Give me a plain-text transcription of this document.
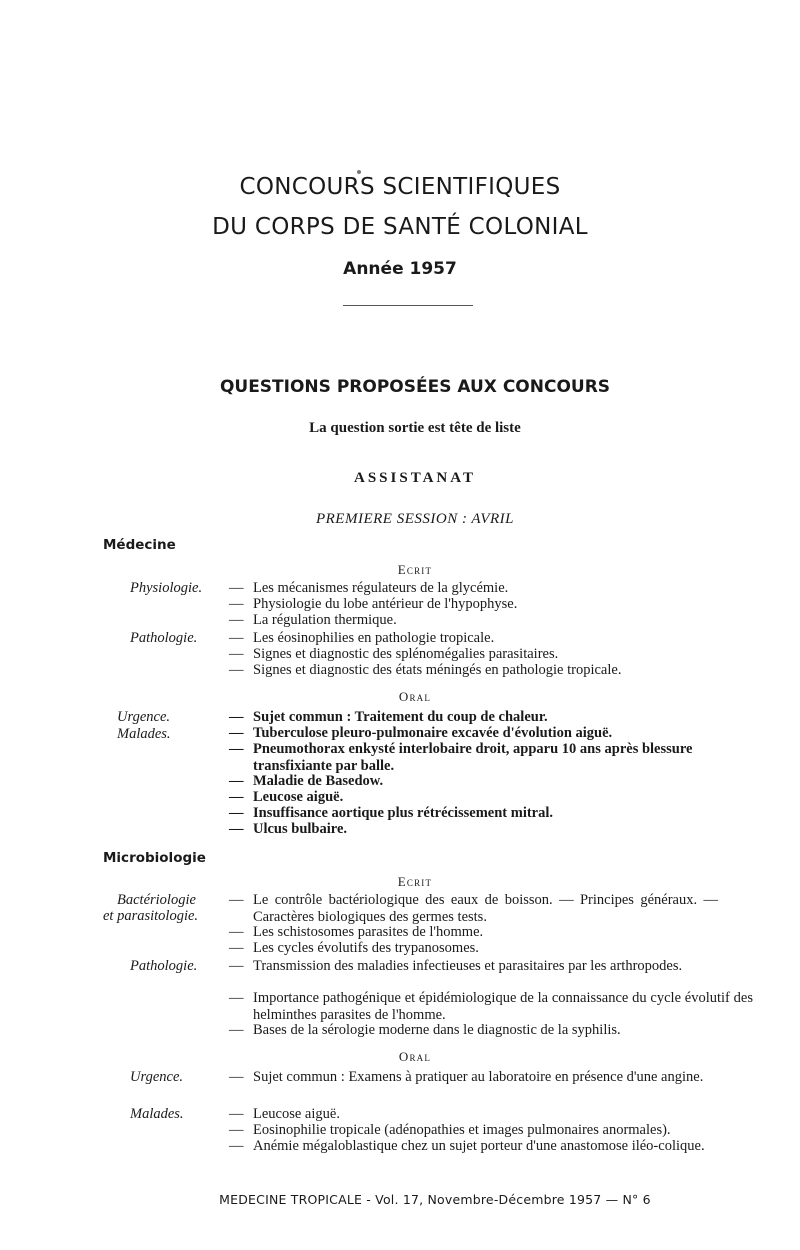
CONCOURS SCIENTIFIQUES
DU CORPS DE SANTÉ COLONIAL
Année 1957
QUESTIONS PROPOSÉES AUX CONCOURS
La question sortie est tête de liste
ASSISTANAT
PREMIERE SESSION : AVRIL
Médecine
Ecrit
Physiologie. — Les mécanismes régulateurs de la glycémie.
— Physiologie du lobe antérieur de l'hypophyse.
— La régulation thermique.
Pathologie. — Les éosinophilies en pathologie tropicale.
— Signes et diagnostic des splénomégalies parasitaires.
— Signes et diagnostic des états méningés en pathologie tropicale.
Oral
Urgence.
Malades.
— Sujet commun : Traitement du coup de chaleur.
— Tuberculose pleuro-pulmonaire excavée d'évolution aiguë.
— Pneumothorax enkysté interlobaire droit, apparu 10 ans après blessure transfixiante par balle.
— Maladie de Basedow.
— Leucose aiguë.
— Insuffisance aortique plus rétrécissement mitral.
— Ulcus bulbaire.
Microbiologie
Ecrit
Bactériologie
et parasitologie.
— Le contrôle bactériologique des eaux de boisson. — Principes généraux. — Caractères biologiques des germes tests.
— Les schistosomes parasites de l'homme.
— Les cycles évolutifs des trypanosomes.
Pathologie. — Transmission des maladies infectieuses et parasitaires par les arthropodes.
— Importance pathogénique et épidémiologique de la connaissance du cycle évolutif des helminthes parasites de l'homme.
— Bases de la sérologie moderne dans le diagnostic de la syphilis.
Oral
Urgence.	— Sujet commun : Examens à pratiquer au laboratoire en présence d'une angine.
Malades.	— Leucose aiguë.
— Eosinophilie tropicale (adénopathies et images pulmonaires anormales).
— Anémie mégaloblastique chez un sujet porteur d'une anastomose iléo-colique.
MEDECINE TROPICALE - Vol. 17, Novembre-Décembre 1957 — N° 6
